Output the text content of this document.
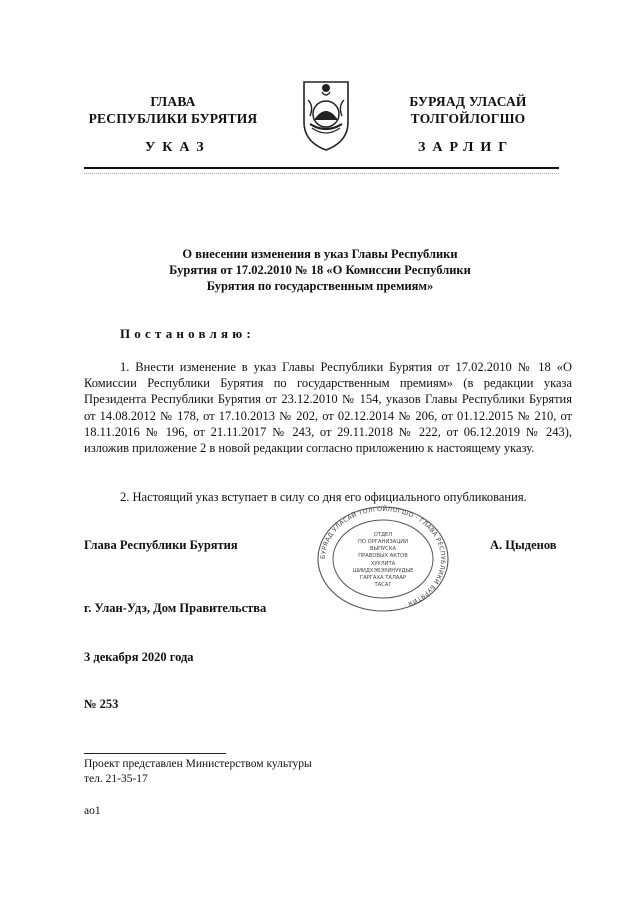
ГЛАВА
РЕСПУБЛИКИ БУРЯТИЯ
БУРЯАД УЛАСАЙ
ТОЛГОЙЛОГШО
УКАЗ	ЗАРЛИГ
О внесении изменения в указ Главы Республики
Бурятия от 17.02.2010 № 18 «О Комиссии Республики
Бурятия по государственным премиям»
Постановляю:
1. Внести изменение в указ Главы Республики Бурятия от 17.02.2010 № 18 «О Комиссии Республики Бурятия по государственным премиям» (в редакции указа Президента Республики Бурятия от 23.12.2010 № 154, указов Главы Республики Бурятия от 14.08.2012 № 178, от 17.10.2013 № 202, от 02.12.2014 № 206, от 01.12.2015 № 210, от 18.11.2016 № 196, от 21.11.2017 № 243, от 29.11.2018 № 222, от 06.12.2019 № 243), изложив приложение 2 в новой редакции согласно приложению к настоящему указу.
2. Настоящий указ вступает в силу со дня его официального опубликования.
Глава Республики Бурятия	А. Цыденов
БУРЯАД УЛАСАЙ ТОЛГОЙЛОГШО · ГЛАВА РЕСПУБЛИКИ БУРЯТИЯ ·
ОТДЕЛ
ПО ОРГАНИЗАЦИИ
ВЫПУСКА
ПРАВОВЫХ АКТОВ
ХУУЛИТА
ШИИДХЭБЭРИНУУДЫЕ
ГАРГАХА ТАЛААР
ТАСАГ
г. Улан-Удэ, Дом Правительства
3 декабря 2020 года
№ 253
Проект представлен Министерством культуры
тел. 21-35-17
ao1
